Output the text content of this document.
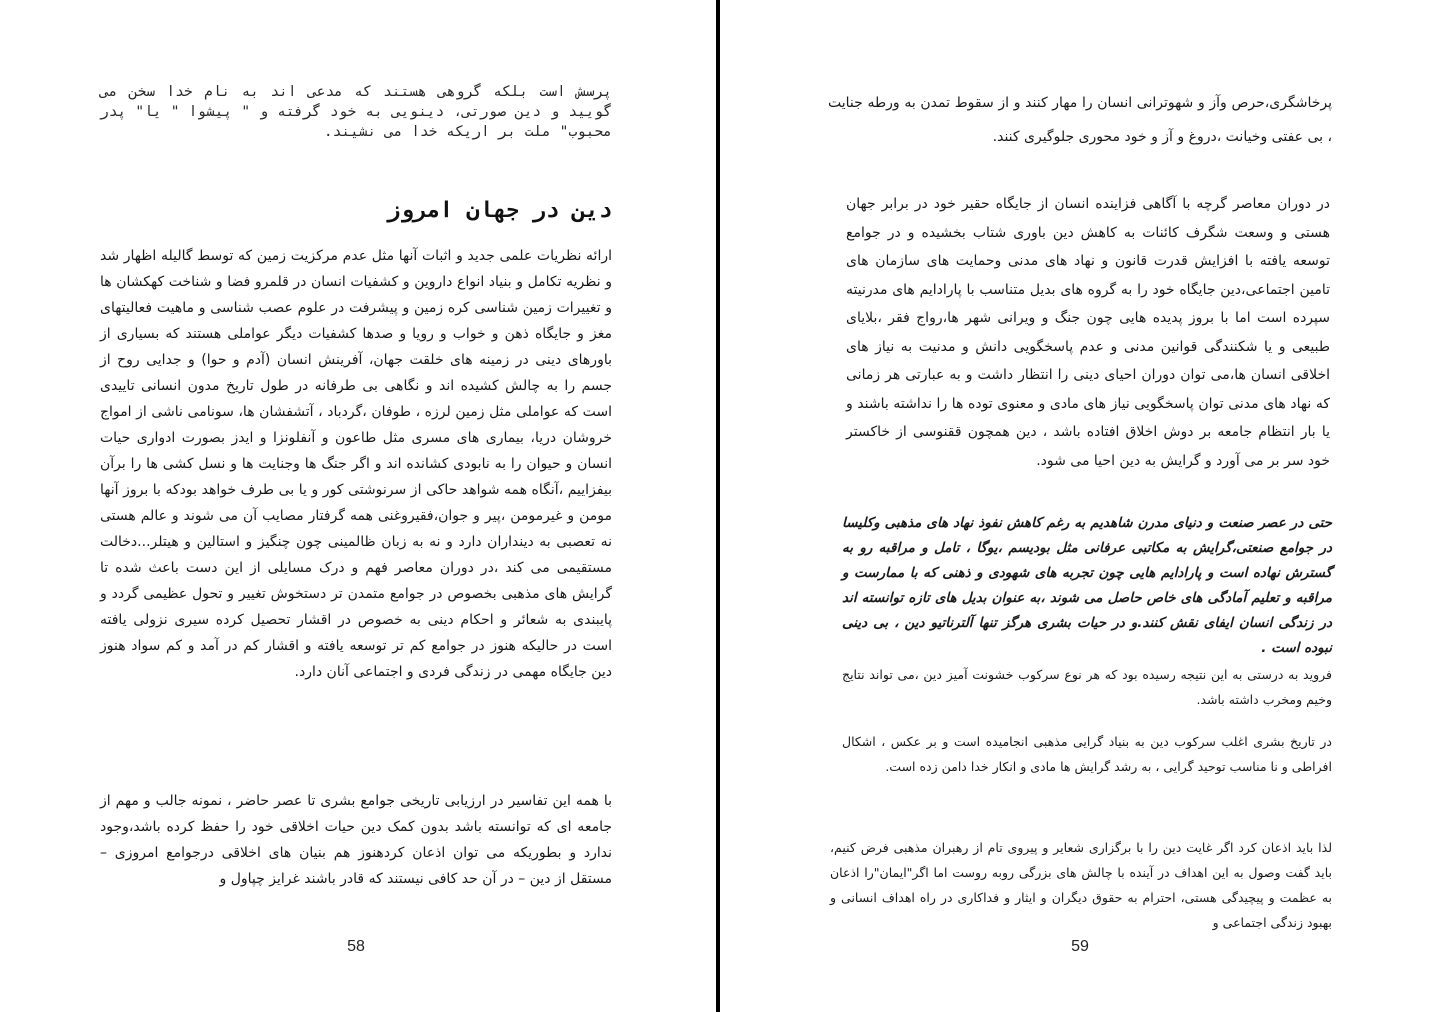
پرسش است بلکه گروهی هستند که مدعی اند به نام خدا سخن می گویید و دین صورتی، دینویی به خود گرفته و " پیشوا " یا" پدر محبوب" ملت بر اریکه خدا می نشیند.

دین در جهان امروز

ارائه نظریات علمی جدید و اثبات آنها مثل عدم مرکزیت زمین که توسط گالیله اظهار شد و نظریه تکامل و بنیاد انواع داروین و کشفیات انسان در قلمرو فضا و شناخت کهکشان ها و تغییرات زمین شناسی کره زمین و پیشرفت در علوم عصب شناسی و ماهیت فعالیتهای مغز و جایگاه ذهن و خواب و رویا و صدها کشفیات دیگر عواملی هستند که بسیاری از باورهای دینی در زمینه های خلقت جهان، آفرینش انسان (آدم و حوا) و جدایی روح از جسم را به چالش کشیده اند و نگاهی بی طرفانه در طول تاریخ مدون انسانی تاییدی است که عواملی مثل زمین لرزه ، طوفان ،گردباد ، آتشفشان ها، سونامی ناشی از امواج خروشان دریا، بیماری های مسری مثل طاعون و آنفلونزا و ایدز بصورت ادواری حیات انسان و حیوان را به نابودی کشانده اند و اگر جنگ ها وجنایت ها و نسل کشی ها را برآن بیفزاییم ،آنگاه همه شواهد حاکی از سرنوشتی کور و یا بی طرف خواهد بودکه با بروز آنها مومن و غیرمومن ،پیر و جوان،فقیروغنی همه گرفتار مصایب آن می شوند و عالم هستی نه تعصبی به دینداران دارد و نه به زبان ظالمینی چون چنگیز و استالین و هیتلر...دخالت مستقیمی می کند ،در دوران معاصر فهم و درک مسایلی از این دست باعث شده تا گرایش های مذهبی بخصوص در جوامع متمدن تر دستخوش تغییر و تحول عظیمی گردد و پایبندی به شعائر و احکام دینی به خصوص در اقشار تحصیل کرده سیری نزولی یافته است در حالیکه هنوز در جوامع کم تر توسعه یافته و اقشار کم در آمد و کم سواد هنوز دین جایگاه مهمی در زندگی فردی و اجتماعی آنان دارد.

با همه این تفاسیر در ارزیابی تاریخی جوامع بشری تا عصر حاضر ، نمونه جالب و مهم از جامعه ای که توانسته باشد بدون کمک دین حیات اخلاقی خود را حفظ کرده باشد،وجود ندارد و بطوریکه می توان اذعان کردهنوز هم بنیان های اخلاقی درجوامع امروزی – مستقل از دین – در آن حد کافی نیستند که قادر باشند غرایز چپاول و

58

پرخاشگری،حرص وآز و شهوترانی انسان را مهار کنند و از سقوط تمدن به ورطه جنایت ، بی عفتی وخیانت ،دروغ و آز و خود محوری جلوگیری کنند.

در دوران معاصر گرچه با آگاهی فزاینده انسان از جایگاه حقیر خود در برابر جهان هستی و وسعت شگرف کائنات به کاهش دین باوری شتاب بخشیده و در جوامع توسعه یافته با افزایش قدرت قانون و نهاد های مدنی وحمایت های سازمان های تامین اجتماعی،دین جایگاه خود را به گروه های بدیل متناسب با پارادایم های مدرنیته سپرده است اما با بروز پدیده هایی چون جنگ و ویرانی شهر ها،رواج فقر ،بلایای طبیعی و یا شکنندگی قوانین مدنی و عدم پاسخگویی دانش و مدنیت به نیاز های اخلاقی انسان ها،می توان دوران احیای دینی را انتظار داشت و به عبارتی هر زمانی که نهاد های مدنی توان پاسخگویی نیاز های مادی و معنوی توده ها را نداشته باشند و یا بار انتظام جامعه بر دوش اخلاق افتاده باشد ، دین همچون ققنوسی از خاکستر خود سر بر می آورد و گرایش به دین احیا می شود.

حتی در عصر صنعت و دنیای مدرن شاهدیم به رغم کاهش نفوذ نهاد های مذهبی وکلیسا در جوامع صنعتی،گرایش به مکاتبی عرفانی مثل بودیسم ،یوگا ، تامل و مراقبه رو به گسترش نهاده است و پارادایم هایی چون تجربه های شهودی و ذهنی که با ممارست و مراقبه و تعلیم آمادگی های خاص حاصل می شوند ،به عنوان بدیل های تازه توانسته اند در زندگی انسان ایفای نقش کنند.و در حیات بشری هرگز تنها آلترناتیو دین ، بی دینی نبوده است .

فروید به درستی به این نتیجه رسیده بود که هر نوع سرکوب خشونت آمیز دین ،می تواند نتایج وخیم ومخرب داشته باشد.

در تاریخ بشری اغلب سرکوب دین به بنیاد گرایی مذهبی انجامیده است و بر عکس ، اشکال افراطی و نا مناسب توحید گرایی ، به رشد گرایش ها مادی و انکار خدا دامن زده است.

لذا باید اذعان کرد اگر غایت دین را با برگزاری شعایر و پیروی تام از رهبران مذهبی فرض کنیم، باید گفت وصول به این اهداف در آینده با چالش های بزرگی روبه روست اما اگر"ایمان"را اذعان به عظمت و پیچیدگی هستی، احترام به حقوق دیگران و ایثار و فداکاری در راه اهداف انسانی و بهبود زندگی اجتماعی و

59
